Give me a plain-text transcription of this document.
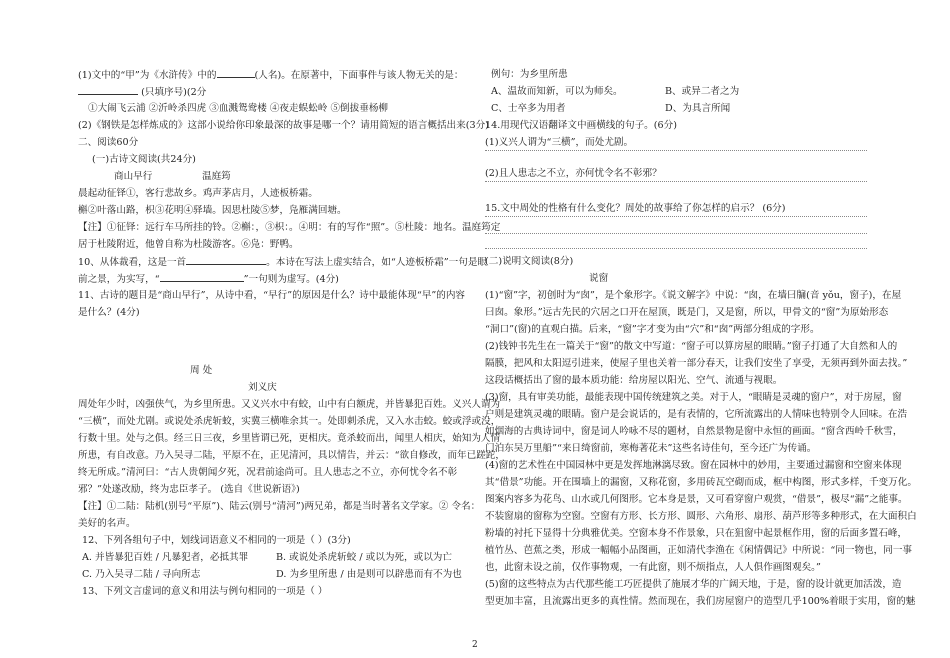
(1)文中的“甲”为《水浒传》中的	(人名)。在原著中，下面事件与该人物无关的是：
(只填序号)(2分
①大闹飞云浦 ②沂岭杀四虎 ③血溅鸳鸯楼 ④夜走蜈蚣岭 ⑤倒拔垂杨柳
(2)《钢铁是怎样炼成的》这部小说给你印象最深的故事是哪一个？请用简短的语言概括出来(3分)
二、阅读60分
(一)古诗文阅读(共24分)
商山早行	温庭筠
晨起动征铎①，客行悲故乡。鸡声茅店月，人迹板桥霜。
槲②叶落山路，枳③花明④驿墙。因思杜陵⑤梦，凫雁满回塘。
【注】①征铎：远行车马所挂的铃。②槲：，③枳：。④明：有的写作“照”。⑤杜陵：地名。温庭筠定
居于杜陵附近，他曾自称为杜陵游客。⑥凫：野鸭。
10、从体裁看，这是一首	。本诗在写法上虚实结合，如“人迹板桥霜”一句是眼
前之景，为实写，“	”一句则为虚写。(4分)
11、古诗的题目是“商山早行”，从诗中看，“早行”的原因是什么？诗中最能体现“早”的内容
是什么？(4分)
周 处
刘义庆
周处年少时，凶强侠气，为乡里所患。又义兴水中有蛟，山中有白额虎，并皆暴犯百姓。义兴人谓为
“三横”，而处尤剧。或说处杀虎斩蛟，实冀三横唯余其一。处即刺杀虎，又入水击蛟。蛟或浮或没，
行数十里。处与之俱。经三日三夜，乡里皆谓已死，更相庆。竟杀蛟而出，闻里人相庆，始知为人情
所患，有自改意。乃入吴寻二陆，平原不在，正见清河，具以情告，并云：“欲自修改，而年已蹉跎，
终无所成。”清河曰：“古人贵朝闻夕死，况君前途尚可。且人患志之不立，亦何忧令名不彰
邪？”处遂改励，终为忠臣孝子。 (选自《世说新语》)
【注】①二陆：陆机(别号“平原”)、陆云(别号“清河”)两兄弟，都是当时著名文学家。② 令名：
美好的名声。
12、下列各组句子中，划线词语意义不相同的一项是（ ）(3分)
A. 并皆暴犯百姓 / 凡暴犯者，必抵其罪	B. 或说处杀虎斩蛟 / 或以为死，或以为亡
C. 乃入吴寻二陆 / 寻向所志	D. 为乡里所患 / 由是则可以辟患而有不为也
13、下列文言虚词的意义和用法与例句相同的一项是（ ）
例句：为乡里所患
A、温故而知新，可以为师矣。	B、或异二者之为
C、士卒多为用者	D、为具言所闻
14.用现代汉语翻译文中画横线的句子。(6分)
(1)义兴人谓为“三横”，而处尤剧。
(2)且人患志之不立，亦何忧令名不彰邪？
15.文中周处的性格有什么变化？周处的故事给了你怎样的启示？ (6分)
(二)说明文阅读(8分)
说窗
(1)“窗”字，初创时为“囱”，是个象形字。《说文解字》中说：“囱，在墙曰牖(音 yǒu，窗子)，在屋
曰囱。象形。”远古先民的穴居之口开在屋顶，既是门，又是窗，所以，甲骨文的“窗”为原始形态
“洞口”(窗)的直观白描。后来，“窗”字才变为由“穴”和“囱”两部分组成的字形。
(2)钱钟书先生在一篇关于“窗”的散文中写道：“窗子可以算房屋的眼睛。”窗子打通了大自然和人的
隔膜，把风和太阳逗引进来，使屋子里也关着一部分春天，让我们安坐了享受，无须再到外面去找。”
这段话概括出了窗的最本质功能：给房屋以阳光、空气、流通与视眼。
(3)窗，具有审美功能，最能表现中国传统建筑之美。对于人，“眼睛是灵魂的窗户”，对于房屋，窗
户则是建筑灵魂的眼睛。窗户是会说话的，是有表情的，它所流露出的人情味也特别令人回味。在浩
如烟海的古典诗词中，窗是词人吟咏不尽的题材，自然景物是窗中永恒的画面。“窗含西岭千秋雪，
门泊东吴万里船”“来日绮窗前，寒梅著花未”这些名诗佳句，至今还广为传诵。
(4)窗的艺术性在中国园林中更是发挥地淋漓尽致。窗在园林中的妙用，主要通过漏窗和空窗来体现
其“借景”功能。开在围墙上的漏窗，又称花窗，多用砖瓦空砌而成，框中构图，形式多样，千变万化。
图案内容多为花鸟、山水或几何图形。它本身是景，又可看穿窗户观赏，“借景”，极尽“漏”之能事。
不装窗扇的窗称为空窗。空窗有方形、长方形、圆形、六角形、扇形、葫芦形等多种形式，在大面积白
粉墙的衬托下显得十分典雅优美。空窗本身不作景象，只在狙窗中起景框作用，窗的后面多置石峰，
植竹丛、芭蕉之类，形成一幅幅小品图画，正如清代李渔在《闲情偶记》中所说：“同一物也，同一事
也，此窗未设之前，仅作事物观，一有此窗，则不烦指点，人人俱作画图观矣。”
(5)窗的这些特点为古代那些能工巧匠提供了施展才华的广阔天地，于是，窗的设计就更加活泼，造
型更加丰富，且流露出更多的真性情。然而现在，我们房屋窗户的造型几乎100%着眼于实用，窗的魅
2
